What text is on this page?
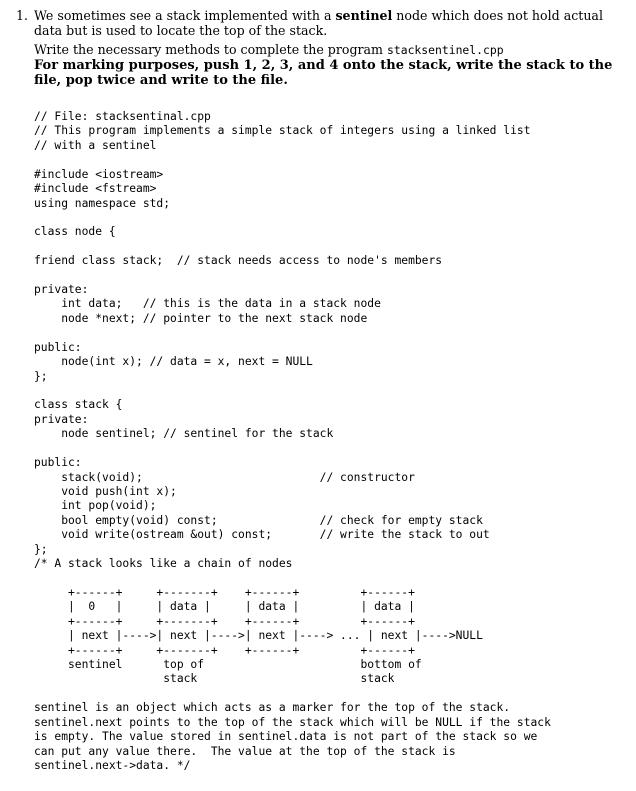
1. We sometimes see a stack implemented with a sentinel node which does not hold actual data but is used to locate the top of the stack.

Write the necessary methods to complete the program stacksentinel.cpp

For marking purposes, push 1, 2, 3, and 4 onto the stack, write the stack to the file, pop twice and write to the file.

// File: stacksentinal.cpp
// This program implements a simple stack of integers using a linked list
// with a sentinel

#include <iostream>
#include <fstream>
using namespace std;

class node {

friend class stack;  // stack needs access to node's members

private:
int data;   // this is the data in a stack node
node *next; // pointer to the next stack node

public:
node(int x); // data = x, next = NULL
};

class stack {
private:
node sentinel; // sentinel for the stack

public:
stack(void);                          // constructor
void push(int x);
int pop(void);
bool empty(void) const;               // check for empty stack
void write(ostream &out) const;       // write the stack to out
};
/* A stack looks like a chain of nodes

+------+     +-------+    +------+         +------+
|  0   |     | data |     | data |         | data |
+------+     +-------+    +------+         +------+
| next |---->| next |---->| next |----> ... | next |---->NULL
+------+     +-------+    +------+         +------+
sentinel      top of                       bottom of
stack                        stack

sentinel is an object which acts as a marker for the top of the stack.
sentinel.next points to the top of the stack which will be NULL if the stack
is empty. The value stored in sentinel.data is not part of the stack so we
can put any value there.  The value at the top of the stack is
sentinel.next->data. */
